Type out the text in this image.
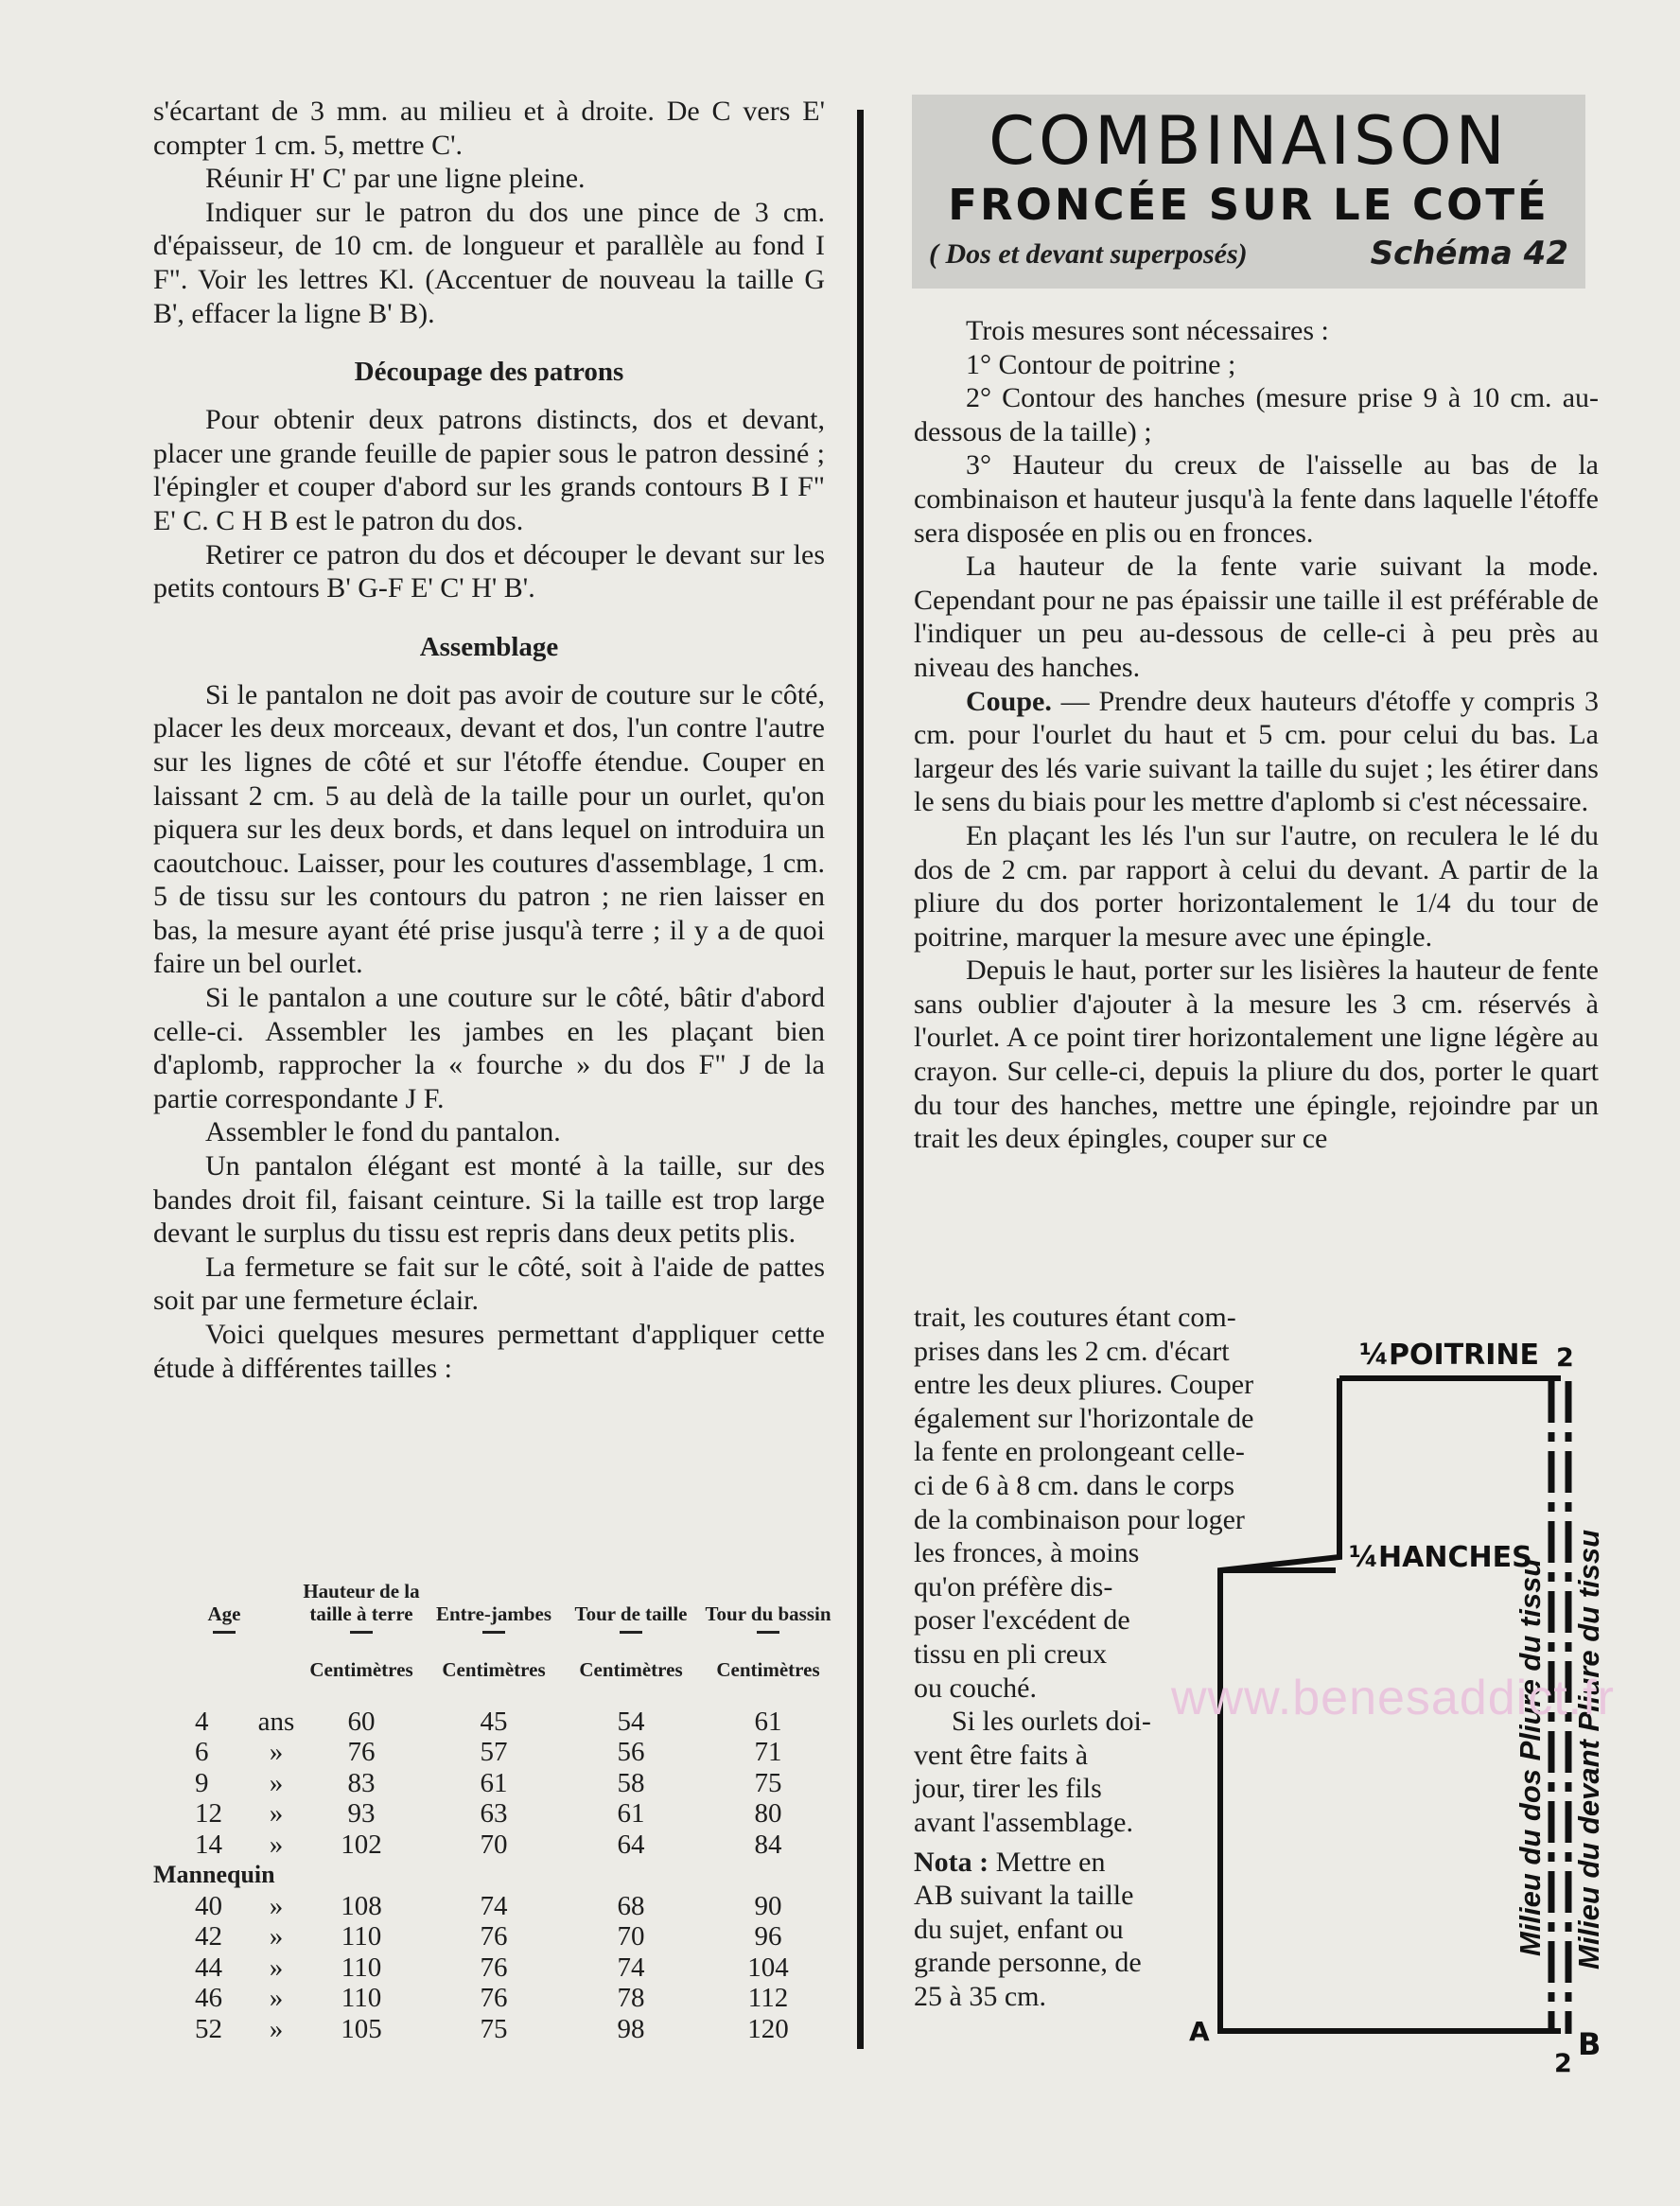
s'écartant de 3 mm. au milieu et à droite. De C vers E' compter 1 cm. 5, mettre C'.

Réunir H' C' par une ligne pleine.

Indiquer sur le patron du dos une pince de 3 cm. d'épaisseur, de 10 cm. de longueur et parallèle au fond I F". Voir les lettres Kl. (Accentuer de nouveau la taille G B', effacer la ligne B' B).

Découpage des patrons

Pour obtenir deux patrons distincts, dos et devant, placer une grande feuille de papier sous le patron dessiné ; l'épingler et couper d'abord sur les grands contours B I F" E' C. C H B est le patron du dos.

Retirer ce patron du dos et découper le devant sur les petits contours B' G-F E' C' H' B'.

Assemblage

Si le pantalon ne doit pas avoir de couture sur le côté, placer les deux morceaux, devant et dos, l'un contre l'autre sur les lignes de côté et sur l'étoffe étendue. Couper en laissant 2 cm. 5 au delà de la taille pour un ourlet, qu'on piquera sur les deux bords, et dans lequel on introduira un caoutchouc. Laisser, pour les coutures d'assemblage, 1 cm. 5 de tissu sur les contours du patron ; ne rien laisser en bas, la mesure ayant été prise jusqu'à terre ; il y a de quoi faire un bel ourlet.

Si le pantalon a une couture sur le côté, bâtir d'abord celle-ci. Assembler les jambes en les plaçant bien d'aplomb, rapprocher la « fourche » du dos F" J de la partie correspondante J F.

Assembler le fond du pantalon.

Un pantalon élégant est monté à la taille, sur des bandes droit fil, faisant ceinture. Si la taille est trop large devant le surplus du tissu est repris dans deux petits plis.

La fermeture se fait sur le côté, soit à l'aide de pattes soit par une fermeture éclair.

Voici quelques mesures permettant d'appliquer cette étude à différentes tailles :

Age		Hauteur de la taille à terre	Entre-jambes	Tour de taille	Tour du bassin

		Centimètres	Centimètres	Centimètres	Centimètres
4	ans	60	45	54	61
6	»	76	57	56	71
9	»	83	61	58	75
12	»	93	63	61	80
14	»	102	70	64	84
Mannequin					
40	»	108	74	68	90
42	»	110	76	70	96
44	»	110	76	74	104
46	»	110	76	78	112
52	»	105	75	98	120
COMBINAISON
FRONCÉE SUR LE COTÉ
( Dos et devant superposés)	Schéma 42

Trois mesures sont nécessaires :

1° Contour de poitrine ;

2° Contour des hanches (mesure prise 9 à 10 cm. au-dessous de la taille) ;

3° Hauteur du creux de l'aisselle au bas de la combinaison et hauteur jusqu'à la fente dans laquelle l'étoffe sera disposée en plis ou en fronces.

La hauteur de la fente varie suivant la mode. Cependant pour ne pas épaissir une taille il est préférable de l'indiquer un peu au-dessous de celle-ci à peu près au niveau des hanches.

Coupe. — Prendre deux hauteurs d'étoffe y compris 3 cm. pour l'ourlet du haut et 5 cm. pour celui du bas. La largeur des lés varie suivant la taille du sujet ; les étirer dans le sens du biais pour les mettre d'aplomb si c'est nécessaire.

En plaçant les lés l'un sur l'autre, on reculera le lé du dos de 2 cm. par rapport à celui du devant. A partir de la pliure du dos porter horizontalement le 1/4 du tour de poitrine, marquer la mesure avec une épingle.

Depuis le haut, porter sur les lisières la hauteur de fente sans oublier d'ajouter à la mesure les 3 cm. réservés à l'ourlet. A ce point tirer horizontalement une ligne légère au crayon. Sur celle-ci, depuis la pliure du dos, porter le quart du tour des hanches, mettre une épingle, rejoindre par un trait les deux épingles, couper sur ce

trait, les coutures étant com-
prises dans les 2 cm. d'écart
entre les deux pliures. Couper
également sur l'horizontale de
la fente en prolongeant celle-
ci de 6 à 8 cm. dans le corps
de la combinaison pour loger
les fronces, à moins
qu'on préfère dis-
poser l'excédent de
tissu en pli creux
ou couché.
Si les ourlets doi-
vent être faits à
jour, tirer les fils
avant l'assemblage.

Nota : Mettre en
AB suivant la taille
du sujet, enfant ou
grande personne, de
25 à 35 cm.

¼POITRINE 2
¼HANCHES
A	B
2
Milieu du dos Pliure du tissu Milieu du devant Pliure du tissu
www.benesaddict.fr
